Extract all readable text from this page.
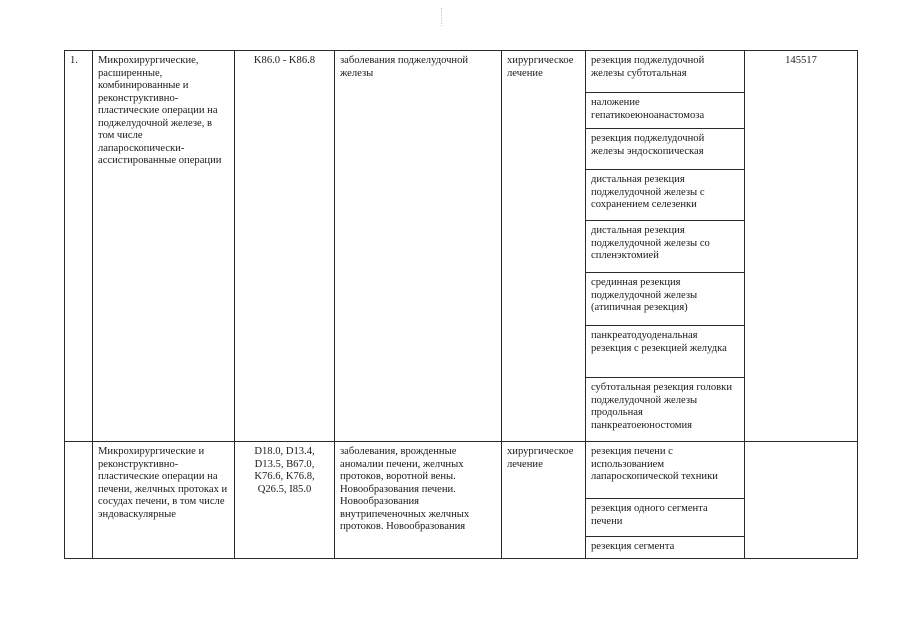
1.	Микрохирургические, расширенные, комбинированные и реконструктивно-пластические операции на поджелудочной железе, в том числе лапароскопически-ассистированные операции	K86.0 - K86.8	заболевания поджелудочной железы	хирургическое лечение	резекция поджелудочной железы субтотальная	145517
					наложение гепатикоеюноанастомоза	
					резекция поджелудочной железы эндоскопическая	
					дистальная резекция поджелудочной железы с сохранением селезенки	
					дистальная резекция поджелудочной железы со спленэктомией	
					срединная резекция поджелудочной железы (атипичная резекция)	
					панкреатодуоденальная резекция с резекцией желудка	
					субтотальная резекция головки поджелудочной железы продольная панкреатоеюностомия	
	Микрохирургические и реконструктивно-пластические операции на печени, желчных протоках и сосудах печени, в том числе эндоваскулярные	D18.0, D13.4,
D13.5, B67.0,
K76.6, K76.8,
Q26.5, I85.0	заболевания, врожденные аномалии печени, желчных протоков, воротной вены. Новообразования печени. Новообразования внутрипеченочных желчных протоков. Новообразования	хирургическое лечение	резекция печени с использованием лапароскопической техники	
					резекция одного сегмента печени	
					резекция сегмента	
